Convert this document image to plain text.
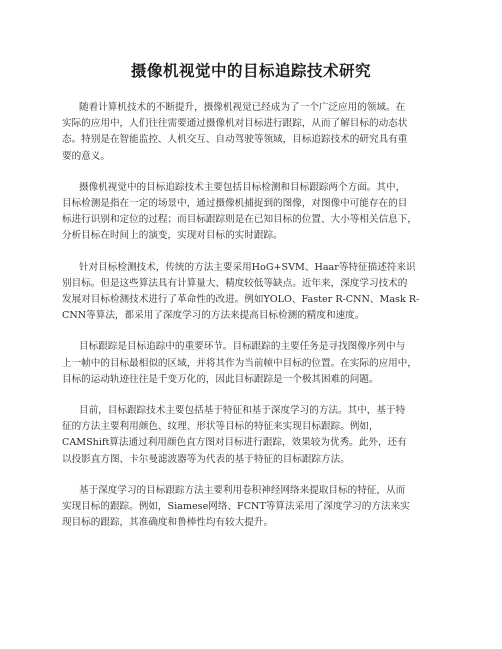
摄像机视觉中的目标追踪技术研究

随着计算机技术的不断提升，摄像机视觉已经成为了一个广泛应用的领域。在
实际的应用中，人们往往需要通过摄像机对目标进行跟踪，从而了解目标的动态状
态。特别是在智能监控、人机交互、自动驾驶等领域，目标追踪技术的研究具有重
要的意义。

摄像机视觉中的目标追踪技术主要包括目标检测和目标跟踪两个方面。其中，
目标检测是指在一定的场景中，通过摄像机捕捉到的图像，对图像中可能存在的目
标进行识别和定位的过程；而目标跟踪则是在已知目标的位置、大小等相关信息下，
分析目标在时间上的演变，实现对目标的实时跟踪。

针对目标检测技术，传统的方法主要采用HoG+SVM、Haar等特征描述符来识
别目标。但是这些算法具有计算量大、精度较低等缺点。近年来，深度学习技术的
发展对目标检测技术进行了革命性的改进。例如YOLO、Faster R-CNN、Mask R-
CNN等算法，都采用了深度学习的方法来提高目标检测的精度和速度。

目标跟踪是目标追踪中的重要环节。目标跟踪的主要任务是寻找图像序列中与
上一帧中的目标最相似的区域，并将其作为当前帧中目标的位置。在实际的应用中，
目标的运动轨迹往往是千变万化的，因此目标跟踪是一个极其困难的问题。

目前，目标跟踪技术主要包括基于特征和基于深度学习的方法。其中，基于特
征的方法主要利用颜色、纹理、形状等目标的特征来实现目标跟踪。例如，
CAMShift算法通过利用颜色直方图对目标进行跟踪，效果较为优秀。此外，还有
以投影直方图、卡尔曼滤波器等为代表的基于特征的目标跟踪方法。

基于深度学习的目标跟踪方法主要利用卷积神经网络来提取目标的特征，从而
实现目标的跟踪。例如，Siamese网络、FCNT等算法采用了深度学习的方法来实
现目标的跟踪，其准确度和鲁棒性均有较大提升。
